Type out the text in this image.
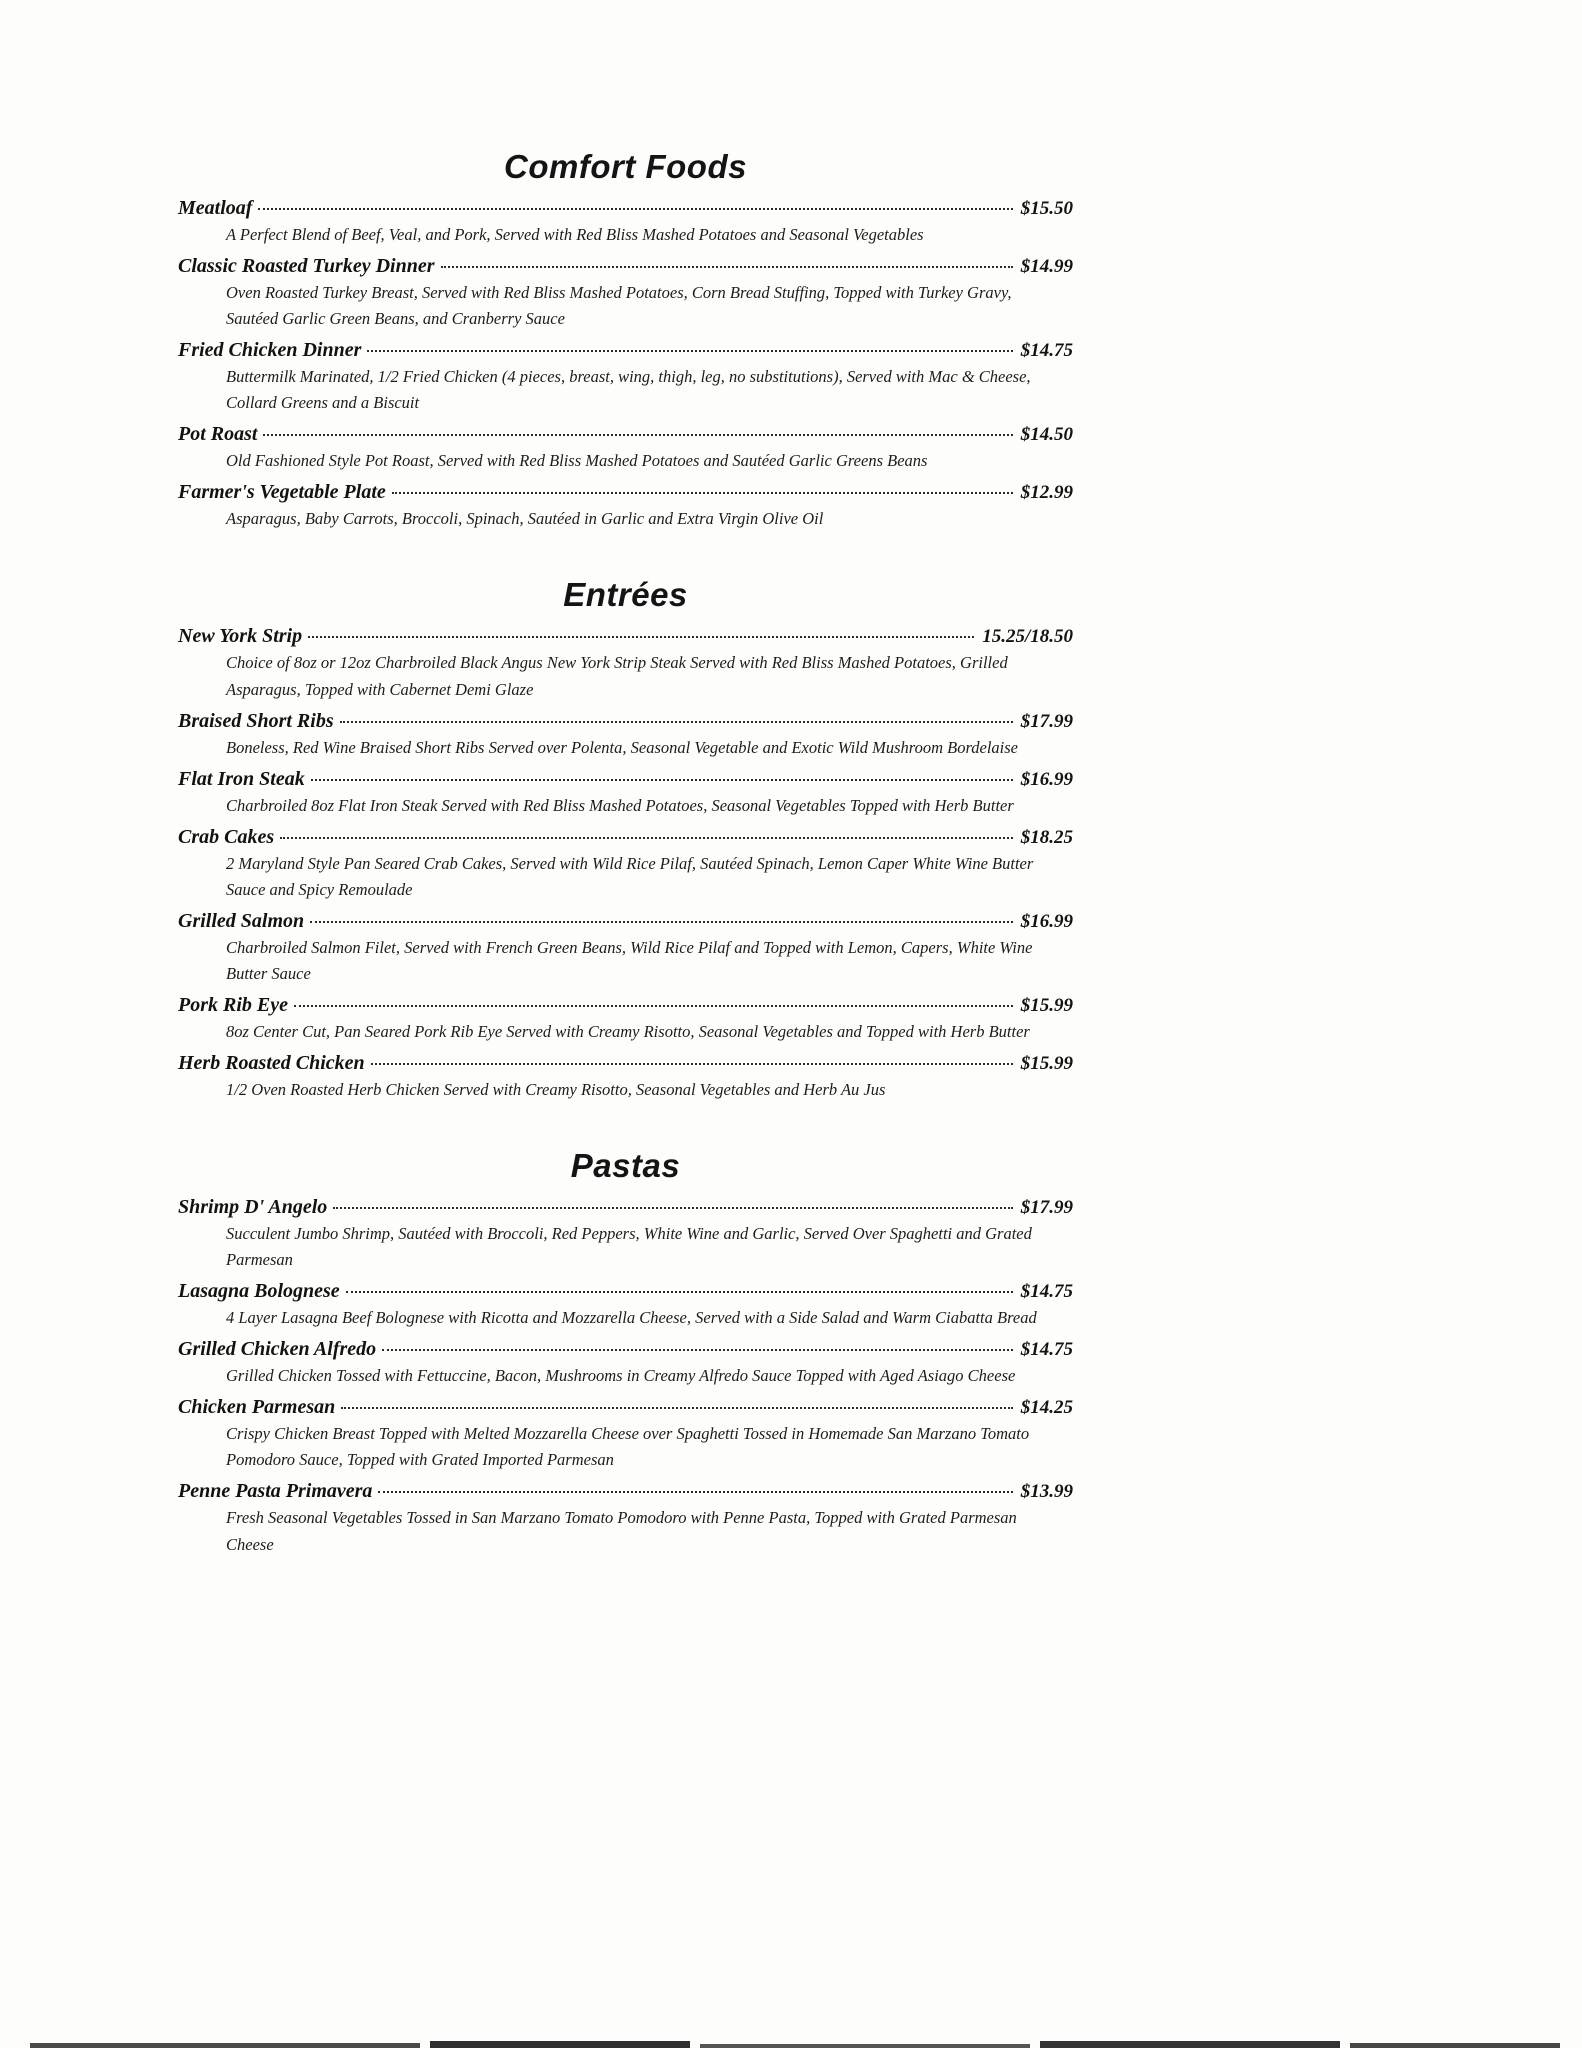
Comfort Foods
Meatloaf	$15.50
A Perfect Blend of Beef, Veal, and Pork, Served with Red Bliss Mashed Potatoes and Seasonal Vegetables
Classic Roasted Turkey Dinner	$14.99
Oven Roasted Turkey Breast, Served with Red Bliss Mashed Potatoes, Corn Bread Stuffing, Topped with Turkey Gravy, Sautéed Garlic Green Beans, and Cranberry Sauce
Fried Chicken Dinner	$14.75
Buttermilk Marinated, 1/2 Fried Chicken (4 pieces, breast, wing, thigh, leg, no substitutions), Served with Mac & Cheese, Collard Greens and a Biscuit
Pot Roast	$14.50
Old Fashioned Style Pot Roast, Served with Red Bliss Mashed Potatoes and Sautéed Garlic Greens Beans
Farmer's Vegetable Plate	$12.99
Asparagus, Baby Carrots, Broccoli, Spinach, Sautéed in Garlic and Extra Virgin Olive Oil
Entrées
New York Strip	15.25/18.50
Choice of 8oz or 12oz Charbroiled Black Angus New York Strip Steak Served with Red Bliss Mashed Potatoes, Grilled Asparagus, Topped with Cabernet Demi Glaze
Braised Short Ribs	$17.99
Boneless, Red Wine Braised Short Ribs Served over Polenta, Seasonal Vegetable and Exotic Wild Mushroom Bordelaise
Flat Iron Steak	$16.99
Charbroiled 8oz Flat Iron Steak Served with Red Bliss Mashed Potatoes, Seasonal Vegetables Topped with Herb Butter
Crab Cakes	$18.25
2 Maryland Style Pan Seared Crab Cakes, Served with Wild Rice Pilaf, Sautéed Spinach, Lemon Caper White Wine Butter Sauce and Spicy Remoulade
Grilled Salmon	$16.99
Charbroiled Salmon Filet, Served with French Green Beans, Wild Rice Pilaf and Topped with Lemon, Capers, White Wine Butter Sauce
Pork Rib Eye	$15.99
8oz Center Cut, Pan Seared Pork Rib Eye Served with Creamy Risotto, Seasonal Vegetables and Topped with Herb Butter
Herb Roasted Chicken	$15.99
1/2 Oven Roasted Herb Chicken Served with Creamy Risotto, Seasonal Vegetables and Herb Au Jus
Pastas
Shrimp D' Angelo	$17.99
Succulent Jumbo Shrimp, Sautéed with Broccoli, Red Peppers, White Wine and Garlic, Served Over Spaghetti and Grated Parmesan
Lasagna Bolognese	$14.75
4 Layer Lasagna Beef Bolognese with Ricotta and Mozzarella Cheese, Served with a Side Salad and Warm Ciabatta Bread
Grilled Chicken Alfredo	$14.75
Grilled Chicken Tossed with Fettuccine, Bacon, Mushrooms in Creamy Alfredo Sauce Topped with Aged Asiago Cheese
Chicken Parmesan	$14.25
Crispy Chicken Breast Topped with Melted Mozzarella Cheese over Spaghetti Tossed in Homemade San Marzano Tomato Pomodoro Sauce, Topped with Grated Imported Parmesan
Penne Pasta Primavera	$13.99
Fresh Seasonal Vegetables Tossed in San Marzano Tomato Pomodoro with Penne Pasta, Topped with Grated Parmesan Cheese
